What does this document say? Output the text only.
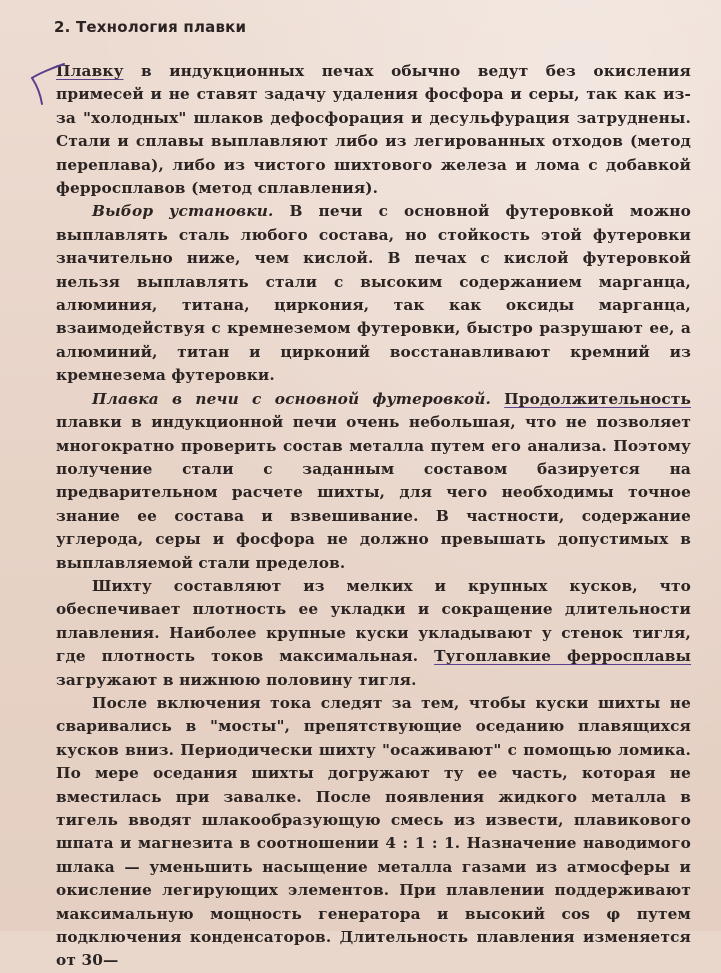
2. Технология плавки

Плавку в индукционных печах обычно ведут без окисления примесей и не ставят задачу удаления фосфора и серы, так как из-за "холодных" шлаков дефосфорация и десульфурация затруднены. Стали и сплавы выплавляют либо из легированных отходов (метод переплава), либо из чистого шихтового железа и лома с добавкой ферросплавов (метод сплавления).

Выбор установки. В печи с основной футеровкой можно выплавлять сталь любого состава, но стойкость этой футеровки значительно ниже, чем кислой. В печах с кислой футеровкой нельзя выплавлять стали с высоким содержанием марганца, алюминия, титана, циркония, так как оксиды марганца, взаимодействуя с кремнеземом футеровки, быстро разрушают ее, а алюминий, титан и цирконий восстанавливают кремний из кремнезема футеровки.

Плавка в печи с основной футеровкой. Продолжительность плавки в индукционной печи очень небольшая, что не позволяет многократно проверить состав металла путем его анализа. Поэтому получение стали с заданным составом базируется на предварительном расчете шихты, для чего необходимы точное знание ее состава и взвешивание. В частности, содержание углерода, серы и фосфора не должно превышать допустимых в выплавляемой стали пределов.

Шихту составляют из мелких и крупных кусков, что обеспечивает плотность ее укладки и сокращение длительности плавления. Наиболее крупные куски укладывают у стенок тигля, где плотность токов максимальная. Тугоплавкие ферросплавы загружают в нижнюю половину тигля.

После включения тока следят за тем, чтобы куски шихты не сваривались в "мосты", препятствующие оседанию плавящихся кусков вниз. Периодически шихту "осаживают" с помощью ломика. По мере оседания шихты догружают ту ее часть, которая не вместилась при завалке. После появления жидкого металла в тигель вводят шлакообразующую смесь из извести, плавикового шпата и магнезита в соотношении 4 : 1 : 1. Назначение наводимого шлака — уменьшить насыщение металла газами из атмосферы и окисление легирующих элементов. При плавлении поддерживают максимальную мощность генератора и высокий cos φ путем подключения конденсаторов. Длительность плавления изменяется от 30—
